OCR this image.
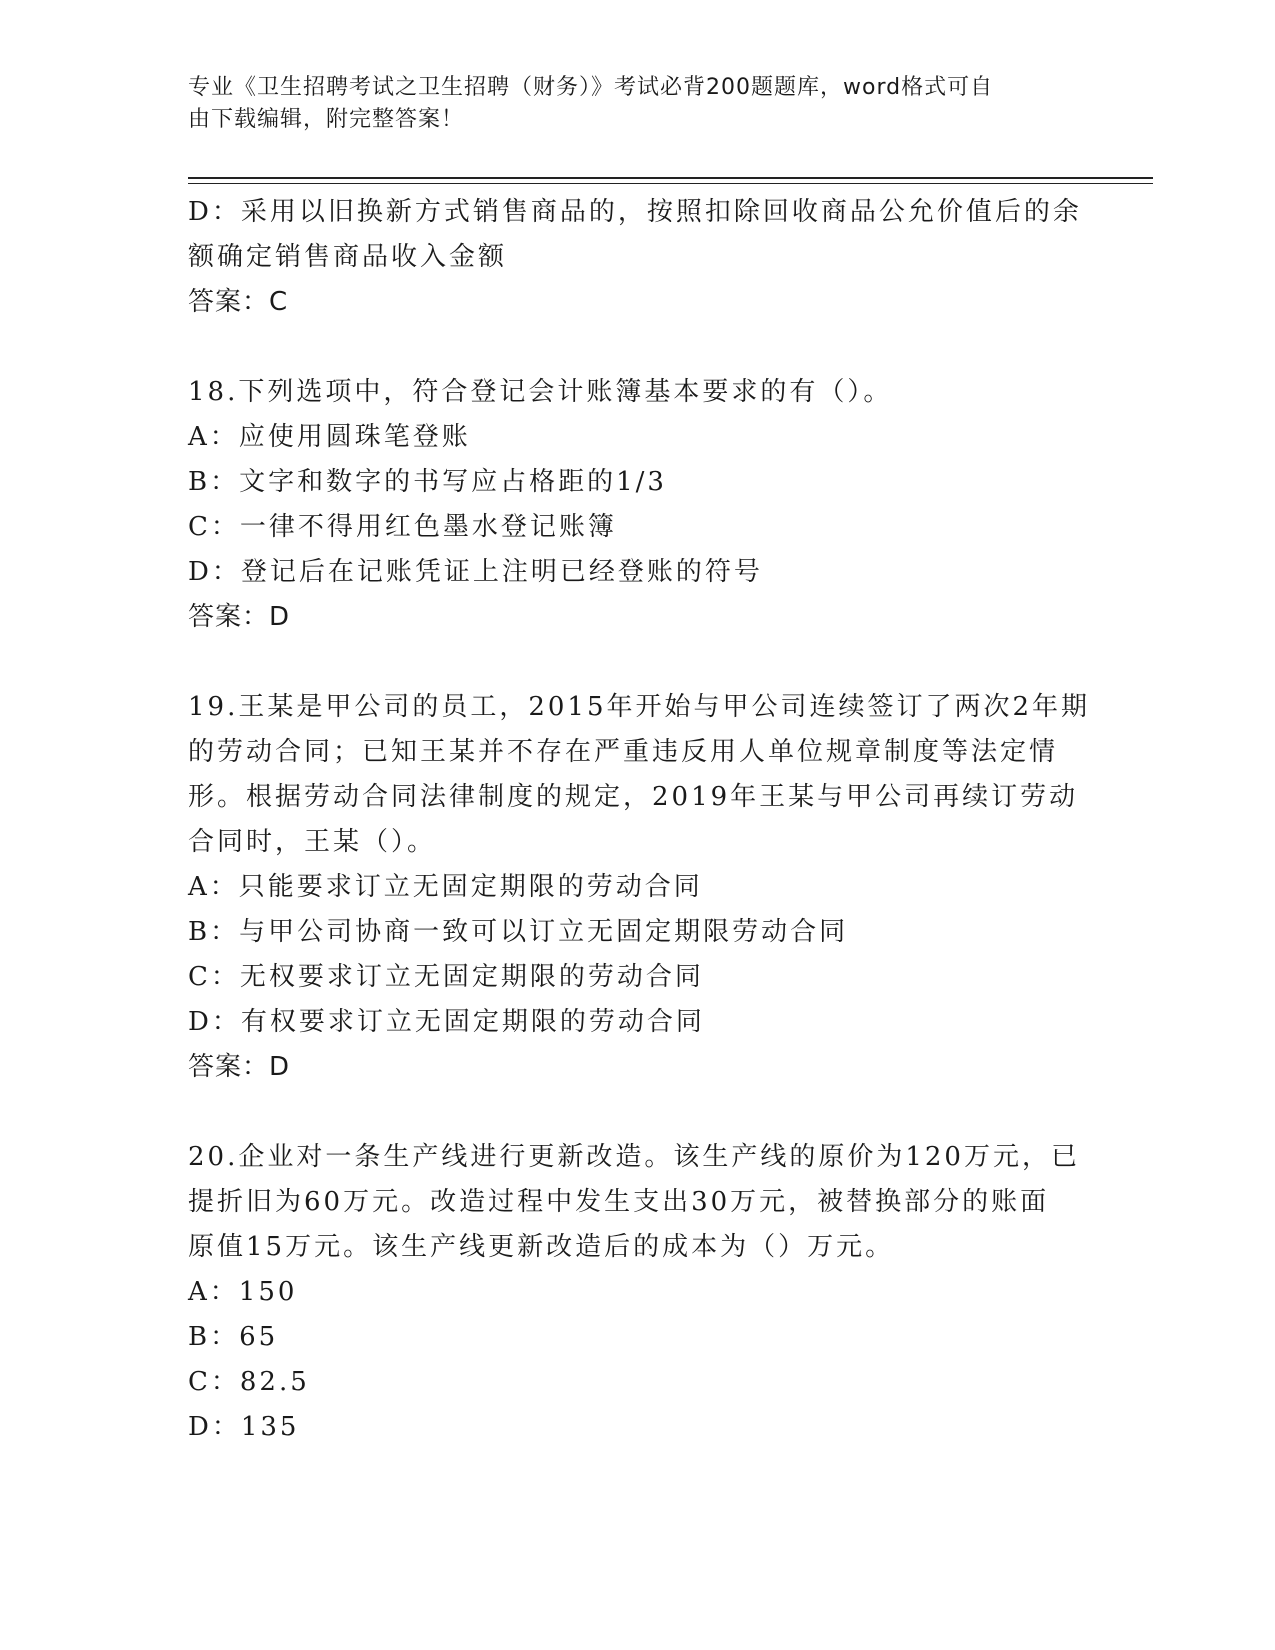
专业《卫生招聘考试之卫生招聘（财务）》考试必背200题题库，word格式可自
由下载编辑，附完整答案！
D：采用以旧换新方式销售商品的，按照扣除回收商品公允价值后的余
额确定销售商品收入金额
答案：C
18.下列选项中，符合登记会计账簿基本要求的有（）。
A：应使用圆珠笔登账
B：文字和数字的书写应占格距的1/3
C：一律不得用红色墨水登记账簿
D：登记后在记账凭证上注明已经登账的符号
答案：D
19.王某是甲公司的员工，2015年开始与甲公司连续签订了两次2年期
的劳动合同；已知王某并不存在严重违反用人单位规章制度等法定情
形。根据劳动合同法律制度的规定，2019年王某与甲公司再续订劳动
合同时，王某（）。
A：只能要求订立无固定期限的劳动合同
B：与甲公司协商一致可以订立无固定期限劳动合同
C：无权要求订立无固定期限的劳动合同
D：有权要求订立无固定期限的劳动合同
答案：D
20.企业对一条生产线进行更新改造。该生产线的原价为120万元，已
提折旧为60万元。改造过程中发生支出30万元，被替换部分的账面
原值15万元。该生产线更新改造后的成本为（）万元。
A：150
B：65
C：82.5
D：135
